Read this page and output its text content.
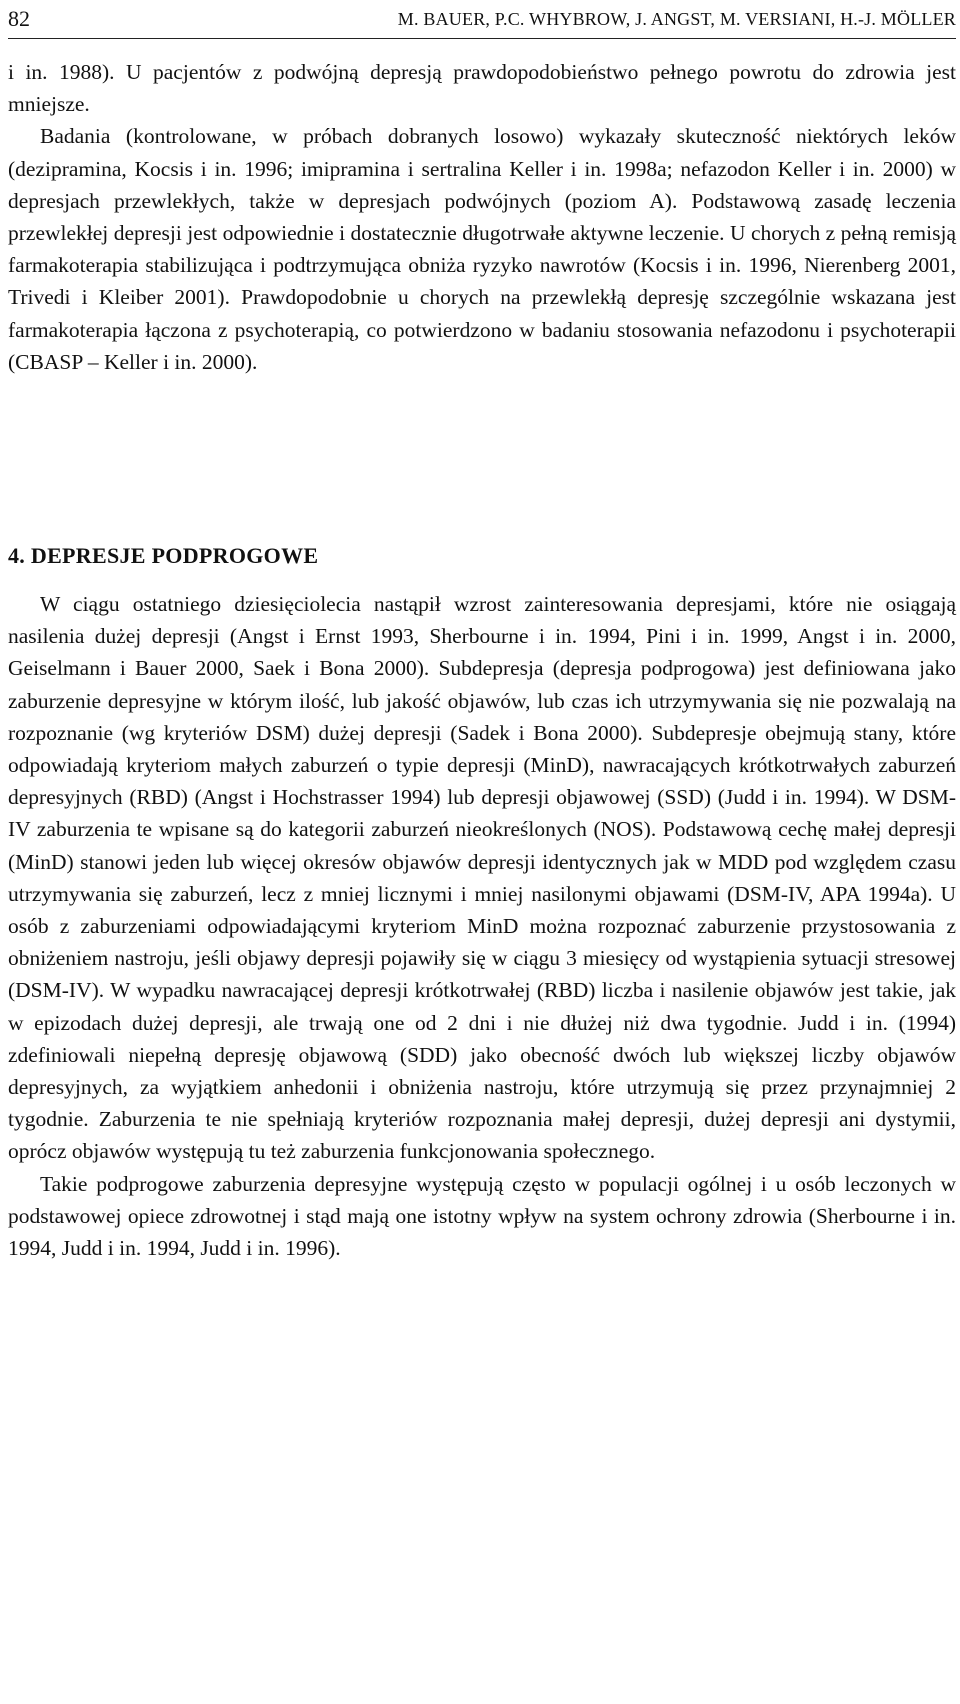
82	M. BAUER, P.C. WHYBROW, J. ANGST, M. VERSIANI, H.-J. MÖLLER

i in. 1988). U pacjentów z podwójną depresją prawdopodobieństwo pełnego powrotu do zdrowia jest mniejsze.

Badania (kontrolowane, w próbach dobranych losowo) wykazały skuteczność niektórych leków (dezipramina, Kocsis i in. 1996; imipramina i sertralina Keller i in. 1998a; nefazodon Keller i in. 2000) w depresjach przewlekłych, także w depresjach podwójnych (poziom A). Podstawową zasadę leczenia przewlekłej depresji jest odpowiednie i dostatecznie długotrwałe aktywne leczenie. U chorych z pełną remisją farmakoterapia stabilizująca i podtrzymująca obniża ryzyko nawrotów (Kocsis i in. 1996, Nierenberg 2001, Trivedi i Kleiber 2001). Prawdopodobnie u chorych na przewlekłą depresję szczególnie wskazana jest farmakoterapia łączona z psychoterapią, co potwierdzono w badaniu stosowania nefazodonu i psychoterapii (CBASP – Keller i in. 2000).

4. DEPRESJE PODPROGOWE

W ciągu ostatniego dziesięciolecia nastąpił wzrost zainteresowania depresjami, które nie osiągają nasilenia dużej depresji (Angst i Ernst 1993, Sherbourne i in. 1994, Pini i in. 1999, Angst i in. 2000, Geiselmann i Bauer 2000, Saek i Bona 2000). Subdepresja (depresja podprogowa) jest definiowana jako zaburzenie depresyjne w którym ilość, lub jakość objawów, lub czas ich utrzymywania się nie pozwalają na rozpoznanie (wg kryteriów DSM) dużej depresji (Sadek i Bona 2000). Subdepresje obejmują stany, które odpowiadają kryteriom małych zaburzeń o typie depresji (MinD), nawracających krótkotrwałych zaburzeń depresyjnych (RBD) (Angst i Hochstrasser 1994) lub depresji objawowej (SSD) (Judd i in. 1994). W DSM-IV zaburzenia te wpisane są do kategorii zaburzeń nieokreślonych (NOS). Podstawową cechę małej depresji (MinD) stanowi jeden lub więcej okresów objawów depresji identycznych jak w MDD pod względem czasu utrzymywania się zaburzeń, lecz z mniej licznymi i mniej nasilonymi objawami (DSM-IV, APA 1994a). U osób z zaburzeniami odpowiadającymi kryteriom MinD można rozpoznać zaburzenie przystosowania z obniżeniem nastroju, jeśli objawy depresji pojawiły się w ciągu 3 miesięcy od wystąpienia sytuacji stresowej (DSM-IV). W wypadku nawracającej depresji krótkotrwałej (RBD) liczba i nasilenie objawów jest takie, jak w epizodach dużej depresji, ale trwają one od 2 dni i nie dłużej niż dwa tygodnie. Judd i in. (1994) zdefiniowali niepełną depresję objawową (SDD) jako obecność dwóch lub większej liczby objawów depresyjnych, za wyjątkiem anhedonii i obniżenia nastroju, które utrzymują się przez przynajmniej 2 tygodnie. Zaburzenia te nie spełniają kryteriów rozpoznania małej depresji, dużej depresji ani dystymii, oprócz objawów występują tu też zaburzenia funkcjonowania społecznego.

Takie podprogowe zaburzenia depresyjne występują często w populacji ogólnej i u osób leczonych w podstawowej opiece zdrowotnej i stąd mają one istotny wpływ na system ochrony zdrowia (Sherbourne i in. 1994, Judd i in. 1994, Judd i in. 1996).
